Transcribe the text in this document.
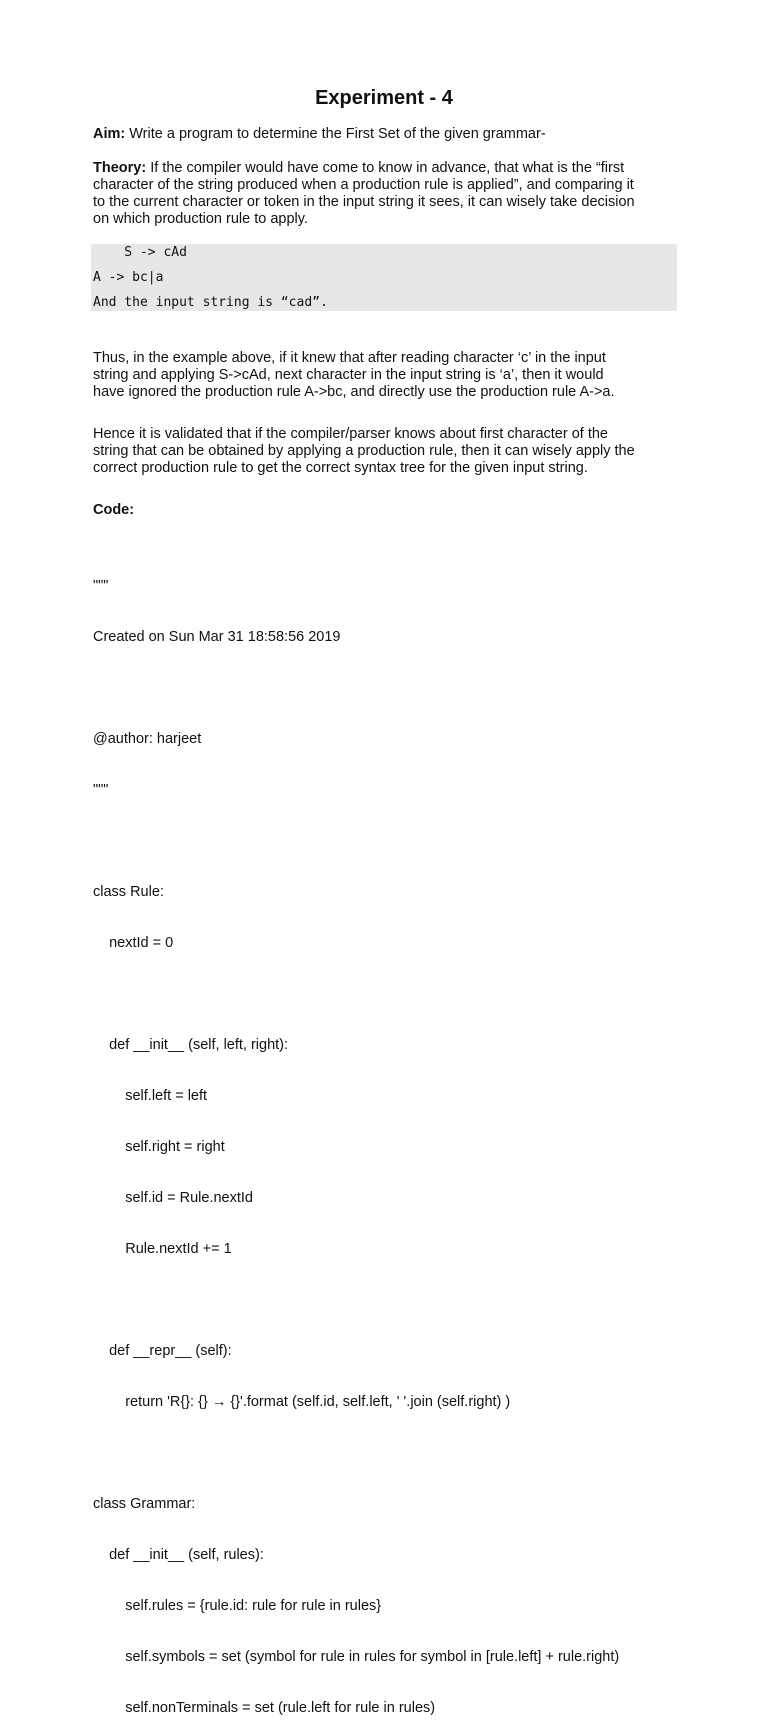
Experiment - 4
Aim: Write a program to determine the First Set of the given grammar-
Theory: If the compiler would have come to know in advance, that what is the “first
character of the string produced when a production rule is applied”, and comparing it
to the current character or token in the input string it sees, it can wisely take decision
on which production rule to apply.
S -> cAd
A -> bc|a
And the input string is “cad”.
Thus, in the example above, if it knew that after reading character ‘c’ in the input
string and applying S->cAd, next character in the input string is ‘a’, then it would
have ignored the production rule A->bc, and directly use the production rule A->a.
Hence it is validated that if the compiler/parser knows about first character of the
string that can be obtained by applying a production rule, then it can wisely apply the
correct production rule to get the correct syntax tree for the given input string.
Code:

"""

Created on Sun Mar 31 18:58:56 2019

@author: harjeet

"""

class Rule:

nextId = 0

def __init__ (self, left, right):

self.left = left

self.right = right

self.id = Rule.nextId

Rule.nextId += 1

def __repr__ (self):

return 'R{}: {} → {}'.format (self.id, self.left, ' '.join (self.right) )

class Grammar:

def __init__ (self, rules):

self.rules = {rule.id: rule for rule in rules}

self.symbols = set (symbol for rule in rules for symbol in [rule.left] + rule.right)

self.nonTerminals = set (rule.left for rule in rules)
